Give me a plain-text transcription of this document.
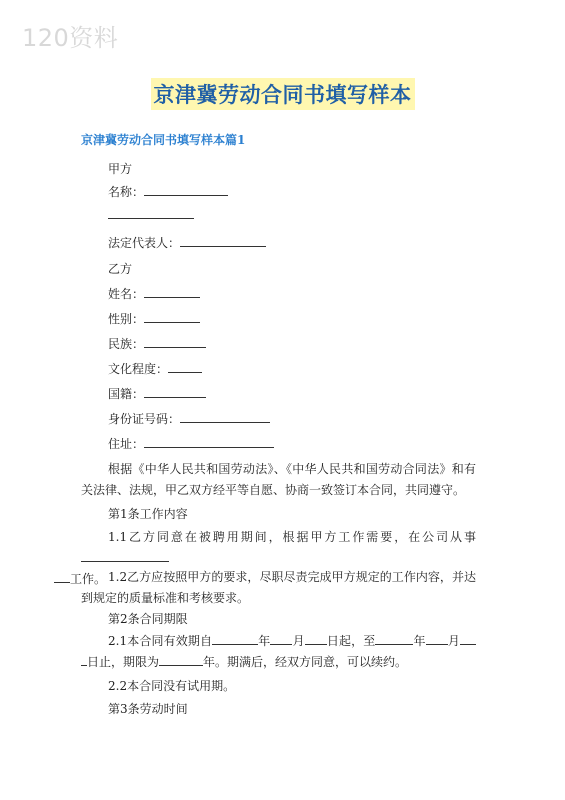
120资料
京津冀劳动合同书填写样本
京津冀劳动合同书填写样本篇1
甲方
名称：
法定代表人：
乙方
姓名：
性别：
民族：
文化程度：
国籍：
身份证号码：
住址：
根据《中华人民共和国劳动法》、《中华人民共和国劳动合同法》和有关法律、法规，甲乙双方经平等自愿、协商一致签订本合同，共同遵守。
第1条工作内容
1.1乙方同意在被聘用期间，根据甲方工作需要，在公司从事
工作。 1.2乙方应按照甲方的要求，尽职尽责完成甲方规定的工作内容，并达到规定的质量标准和考核要求。
第2条合同期限
2.1本合同有效期自	年 月 日起，至	年 月日止，期限为	年。期满后，经双方同意，可以续约。
2.2本合同没有试用期。
第3条劳动时间
